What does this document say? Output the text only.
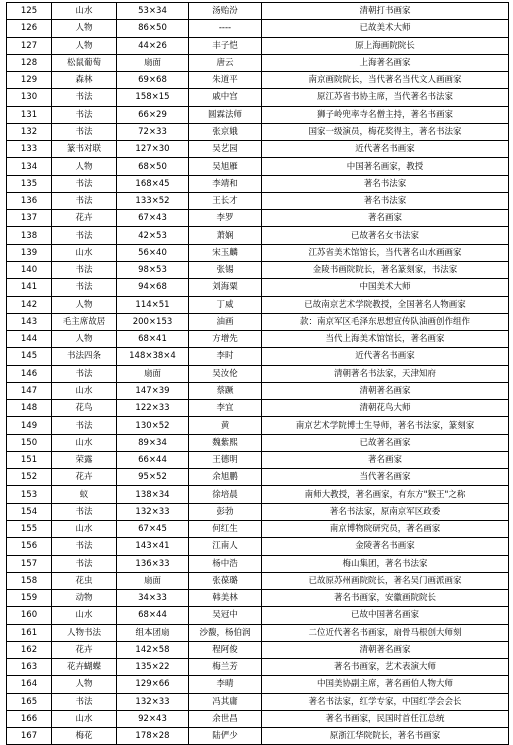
125	山水	53×34	汤贻汾	清朝打书画家
126	人物	86×50	----	已故美术大师
127	人物	44×26	丰子恺	原上海画院院长
128	松鼠葡萄	扇面	唐云	上海著名画家
129	森林	69×68	朱道平	南京画院院长，当代著名当代文人画画家
130	书法	158×15	戚中宫	原江苏省书协主席，当代著名书法家
131	书法	66×29	圆霖法师	狮子岭兜率寺名僧主持，著名书画家
132	书法	72×33	张京娥	国家一级演员，梅花奖得主，著名书法家
133	篆书对联	127×30	吴艺园	近代著名书画家
134	人物	68×50	吴旭雁	中国著名画家，教授
135	书法	168×45	李靖和	著名书法家
136	书法	133×52	王长才	著名书法家
137	花卉	67×43	李罗	著名画家
138	书法	42×53	萧娴	已故著名女书法家
139	山水	56×40	宋玉麟	江苏省美术馆馆长，当代著名山水画画家
140	书法	98×53	张锡	金陵书画院院长，著名篆刻家，书法家
141	书法	94×68	刘海粟	中国美术大师
142	人物	114×51	丁威	已故南京艺术学院教授，全国著名人物画家
143	毛主席故居	200×153	油画	款：南京军区毛泽东思想宣传队油画创作组作
144	人物	68×41	方增先	当代上海美术馆馆长，著名画家
145	书法四条	148×38×4	李时	近代著名书画家
146	书法	扇面	吴汝伦	清朝著名书法家，天津知府
147	山水	147×39	蔡蹶	清朝著名画家
148	花鸟	122×33	李宜	清朝花鸟大师
149	书法	130×52	黄	南京艺术学院博士生导师，著名书法家，篆刻家
150	山水	89×34	魏紫熙	已故著名画家
151	荣露	66×44	王德明	著名画家
152	花卉	95×52	余旭鹏	当代著名画家
153	蚁	138×34	徐培晨	南师大教授，著名画家，有东方"猴王"之称
154	书法	132×33	彭勃	著名书法家，原南京军区政委
155	山水	67×45	何红生	南京博物院研究员，著名画家
156	书法	143×41	江南人	金陵著名书画家
157	书法	136×33	杨中浩	梅山集团，著名书法家
158	花虫	扇面	张葆璐	已故原苏州画院院长，著名吴门画派画家
159	动物	34×33	韩美林	著名书画家，安徽画院院长
160	山水	68×44	吴冠中	已故中国著名画家
161	人物书法	组本团扇	沙馥，杨伯润	二位近代著名书画家，扇骨马根创大师刻
162	花卉	142×58	程阿俊	清朝著名画家
163	花卉蝴蝶	135×22	梅兰芳	著名书画家，艺术表演大师
164	人物	129×66	李晴	中国美协副主席，著名画伯人物大师
165	书法	132×33	冯其庸	著名书法家，红学专家，中国红学会会长
166	山水	92×43	余世昌	著名书画家，民国时首任江总统
167	梅花	178×28	陆俨少	原浙江华院院长，著名书画家
